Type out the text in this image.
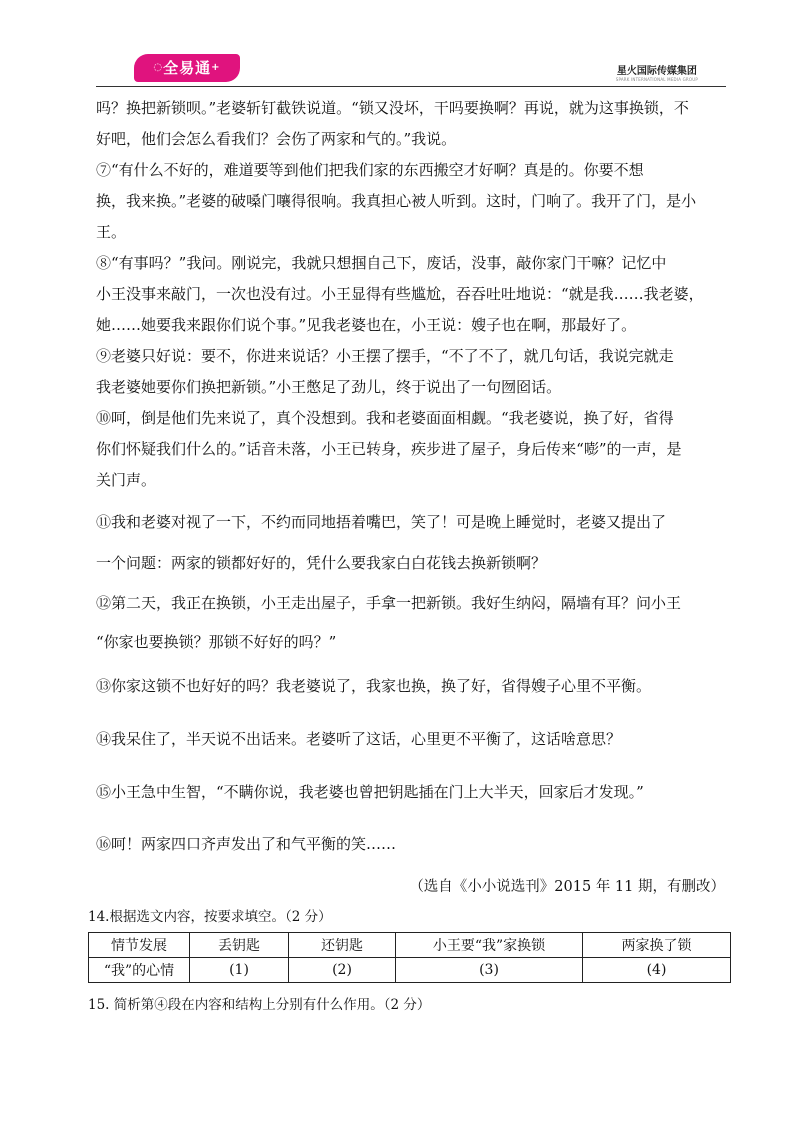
◌全易通+	星火国际传媒集团
SPARK INTERNATIONAL MEDIA GROUP
吗？换把新锁呗。”老婆斩钉截铁说道。“锁又没坏，干吗要换啊？再说，就为这事换锁，不
好吧，他们会怎么看我们？会伤了两家和气的。”我说。
⑦“有什么不好的，难道要等到他们把我们家的东西搬空才好啊？真是的。你要不想
换，我来换。”老婆的破嗓门嚷得很响。我真担心被人听到。这时，门响了。我开了门，是小
王。
⑧“有事吗？”我问。刚说完，我就只想掴自己下，废话，没事，敲你家门干嘛？记忆中
小王没事来敲门，一次也没有过。小王显得有些尴尬，吞吞吐吐地说：“就是我……我老婆，
她……她要我来跟你们说个事。”见我老婆也在，小王说：嫂子也在啊，那最好了。
⑨老婆只好说：要不，你进来说话？小王摆了摆手，“不了不了，就几句话，我说完就走
我老婆她要你们换把新锁。”小王憋足了劲儿，终于说出了一句囫囵话。
⑩呵，倒是他们先来说了，真个没想到。我和老婆面面相觑。“我老婆说，换了好，省得
你们怀疑我们什么的。”话音未落，小王已转身，疾步进了屋子，身后传来“嘭”的一声，是
关门声。
⑪我和老婆对视了一下，不约而同地捂着嘴巴，笑了！可是晚上睡觉时，老婆又提出了
一个问题：两家的锁都好好的，凭什么要我家白白花钱去换新锁啊？
⑫第二天，我正在换锁，小王走出屋子，手拿一把新锁。我好生纳闷，隔墙有耳？问小王
“你家也要换锁？那锁不好好的吗？”
⑬你家这锁不也好好的吗？我老婆说了，我家也换，换了好，省得嫂子心里不平衡。
⑭我呆住了，半天说不出话来。老婆听了这话，心里更不平衡了，这话啥意思？
⑮小王急中生智，“不瞒你说，我老婆也曾把钥匙插在门上大半天，回家后才发现。”
⑯呵！两家四口齐声发出了和气平衡的笑……
（选自《小小说选刊》2015 年 11 期，有删改）
14.根据选文内容，按要求填空。（2 分）
情节发展	丢钥匙	还钥匙	小王要“我”家换锁	两家换了锁
“我”的心情	(1)	(2)	(3)	(4)
15. 简析第④段在内容和结构上分别有什么作用。（2 分）
